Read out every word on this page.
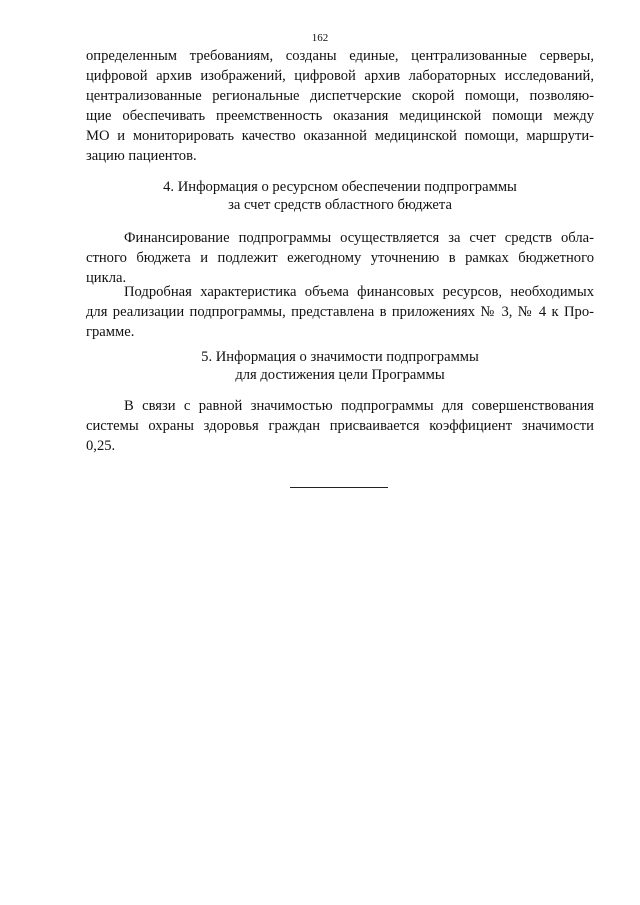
162
определенным требованиям, созданы единые, централизованные серверы,
цифровой архив изображений, цифровой архив лабораторных исследований,
централизованные региональные диспетчерские скорой помощи, позволяю-
щие обеспечивать преемственность оказания медицинской помощи между
МО и мониторировать качество оказанной медицинской помощи, маршрути-
зацию пациентов.
4. Информация о ресурсном обеспечении подпрограммы
за счет средств областного бюджета
Финансирование подпрограммы осуществляется за счет средств обла-
стного бюджета и подлежит ежегодному уточнению в рамках бюджетного
цикла.
Подробная характеристика объема финансовых ресурсов, необходимых
для реализации подпрограммы, представлена в приложениях № 3, № 4 к Про-
грамме.
5. Информация о значимости подпрограммы
для достижения цели Программы
В связи с равной значимостью подпрограммы для совершенствования
системы охраны здоровья граждан присваивается коэффициент значимости
0,25.
